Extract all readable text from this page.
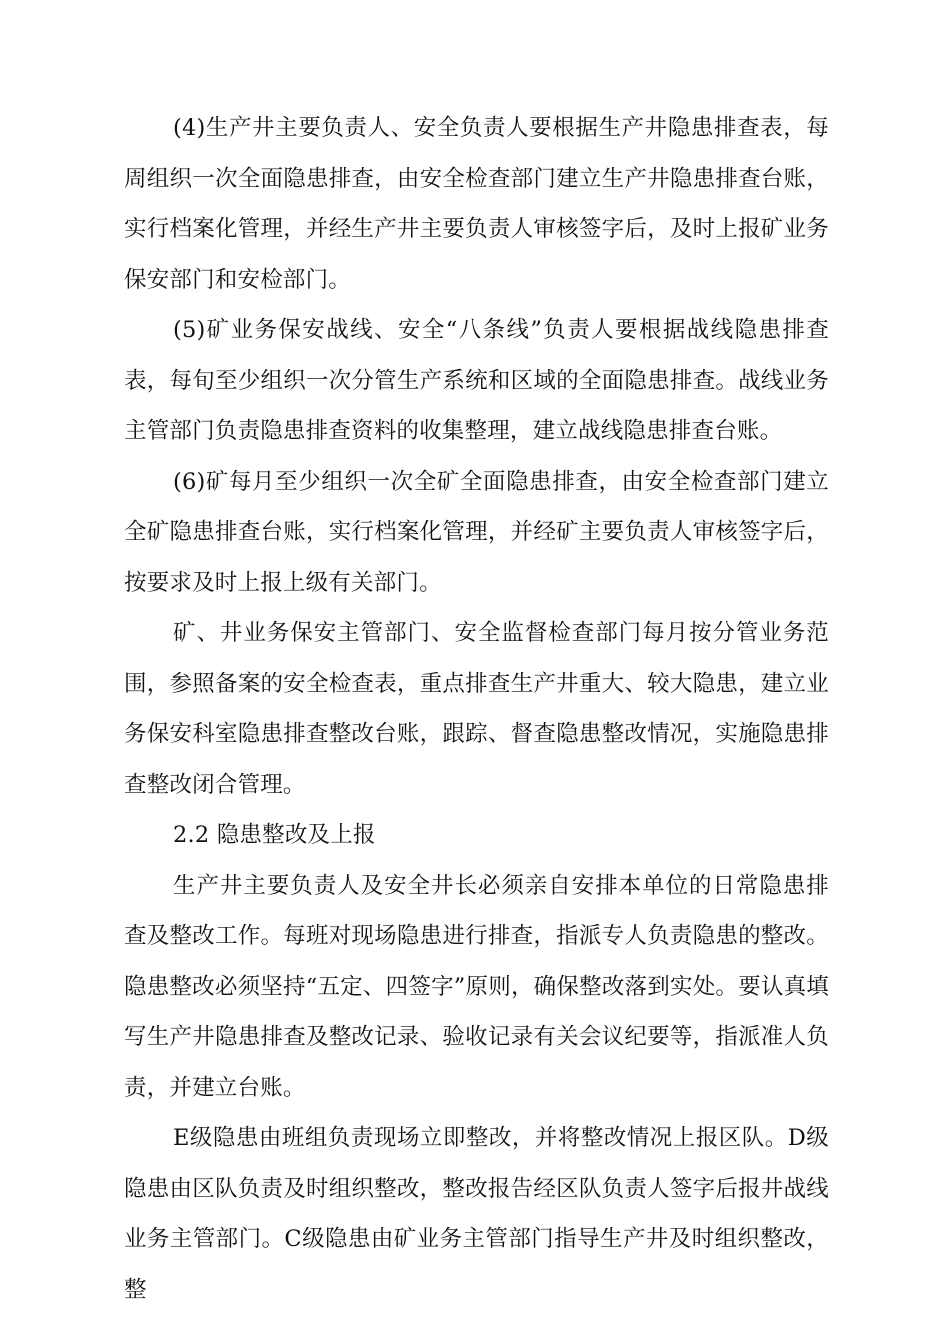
(4)生产井主要负责人、安全负责人要根据生产井隐患排查表，每周组织一次全面隐患排查，由安全检查部门建立生产井隐患排查台账，实行档案化管理，并经生产井主要负责人审核签字后，及时上报矿业务保安部门和安检部门。

(5)矿业务保安战线、安全“八条线”负责人要根据战线隐患排查表，每旬至少组织一次分管生产系统和区域的全面隐患排查。战线业务主管部门负责隐患排查资料的收集整理，建立战线隐患排查台账。

(6)矿每月至少组织一次全矿全面隐患排查，由安全检查部门建立全矿隐患排查台账，实行档案化管理，并经矿主要负责人审核签字后，按要求及时上报上级有关部门。

矿、井业务保安主管部门、安全监督检查部门每月按分管业务范围，参照备案的安全检查表，重点排查生产井重大、较大隐患，建立业务保安科室隐患排查整改台账，跟踪、督查隐患整改情况，实施隐患排查整改闭合管理。

2.2 隐患整改及上报

生产井主要负责人及安全井长必须亲自安排本单位的日常隐患排查及整改工作。每班对现场隐患进行排查，指派专人负责隐患的整改。隐患整改必须坚持“五定、四签字”原则，确保整改落到实处。要认真填写生产井隐患排查及整改记录、验收记录有关会议纪要等，指派准人负责，并建立台账。

E级隐患由班组负责现场立即整改，并将整改情况上报区队。D级隐患由区队负责及时组织整改，整改报告经区队负责人签字后报井战线业务主管部门。C级隐患由矿业务主管部门指导生产井及时组织整改，整
